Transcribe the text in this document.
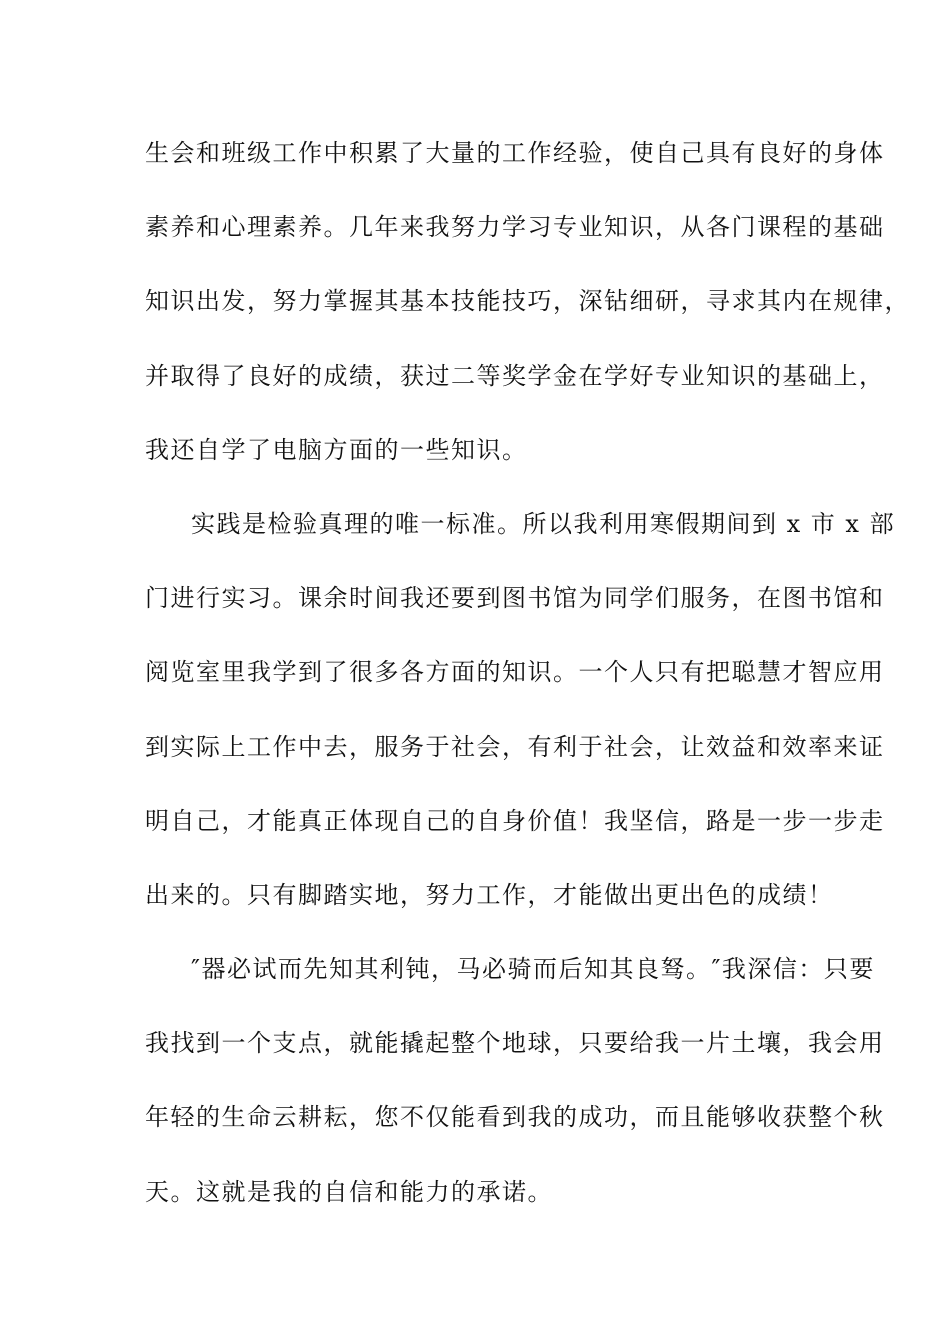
生会和班级工作中积累了大量的工作经验，使自己具有良好的身体
素养和心理素养。几年来我努力学习专业知识，从各门课程的基础
知识出发，努力掌握其基本技能技巧，深钻细研，寻求其内在规律，
并取得了良好的成绩，获过二等奖学金在学好专业知识的基础上，
我还自学了电脑方面的一些知识。
实践是检验真理的唯一标准。所以我利用寒假期间到 x 市 x 部
门进行实习。课余时间我还要到图书馆为同学们服务，在图书馆和
阅览室里我学到了很多各方面的知识。一个人只有把聪慧才智应用
到实际上工作中去，服务于社会，有利于社会，让效益和效率来证
明自己，才能真正体现自己的自身价值！我坚信，路是一步一步走
出来的。只有脚踏实地，努力工作，才能做出更出色的成绩！
″器必试而先知其利钝，马必骑而后知其良驽。″我深信：只要
我找到一个支点，就能撬起整个地球，只要给我一片土壤，我会用
年轻的生命云耕耘，您不仅能看到我的成功，而且能够收获整个秋
天。这就是我的自信和能力的承诺。
